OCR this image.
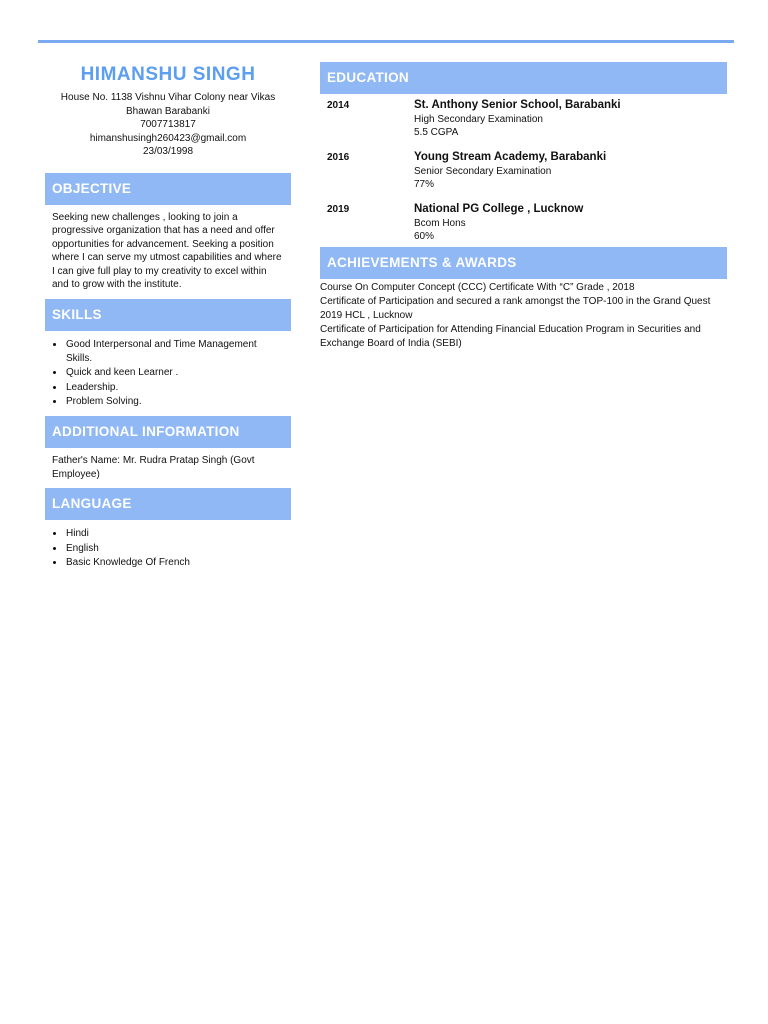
HIMANSHU SINGH
House No. 1138 Vishnu Vihar Colony near Vikas Bhawan Barabanki
7007713817
himanshusingh260423@gmail.com
23/03/1998
OBJECTIVE
Seeking new challenges , looking to join a progressive organization that has a need and offer opportunities for advancement. Seeking a position where I can serve my utmost capabilities and where I can give full play to my creativity to excel within and to grow with the institute.
SKILLS
Good Interpersonal and Time Management Skills.
Quick and keen Learner .
Leadership.
Problem Solving.
ADDITIONAL INFORMATION
Father's Name: Mr. Rudra Pratap Singh (Govt Employee)
LANGUAGE
Hindi
English
Basic Knowledge Of French
EDUCATION
2014	St. Anthony Senior School, Barabanki
High Secondary Examination
5.5 CGPA
2016	Young Stream Academy, Barabanki
Senior Secondary Examination
77%
2019	National PG College , Lucknow
Bcom Hons
60%
ACHIEVEMENTS & AWARDS
Course On Computer Concept (CCC) Certificate With “C” Grade , 2018
Certificate of Participation and secured a rank amongst the TOP-100 in the Grand Quest 2019 HCL , Lucknow
Certificate of Participation for Attending Financial Education Program in Securities and Exchange Board of India (SEBI)
